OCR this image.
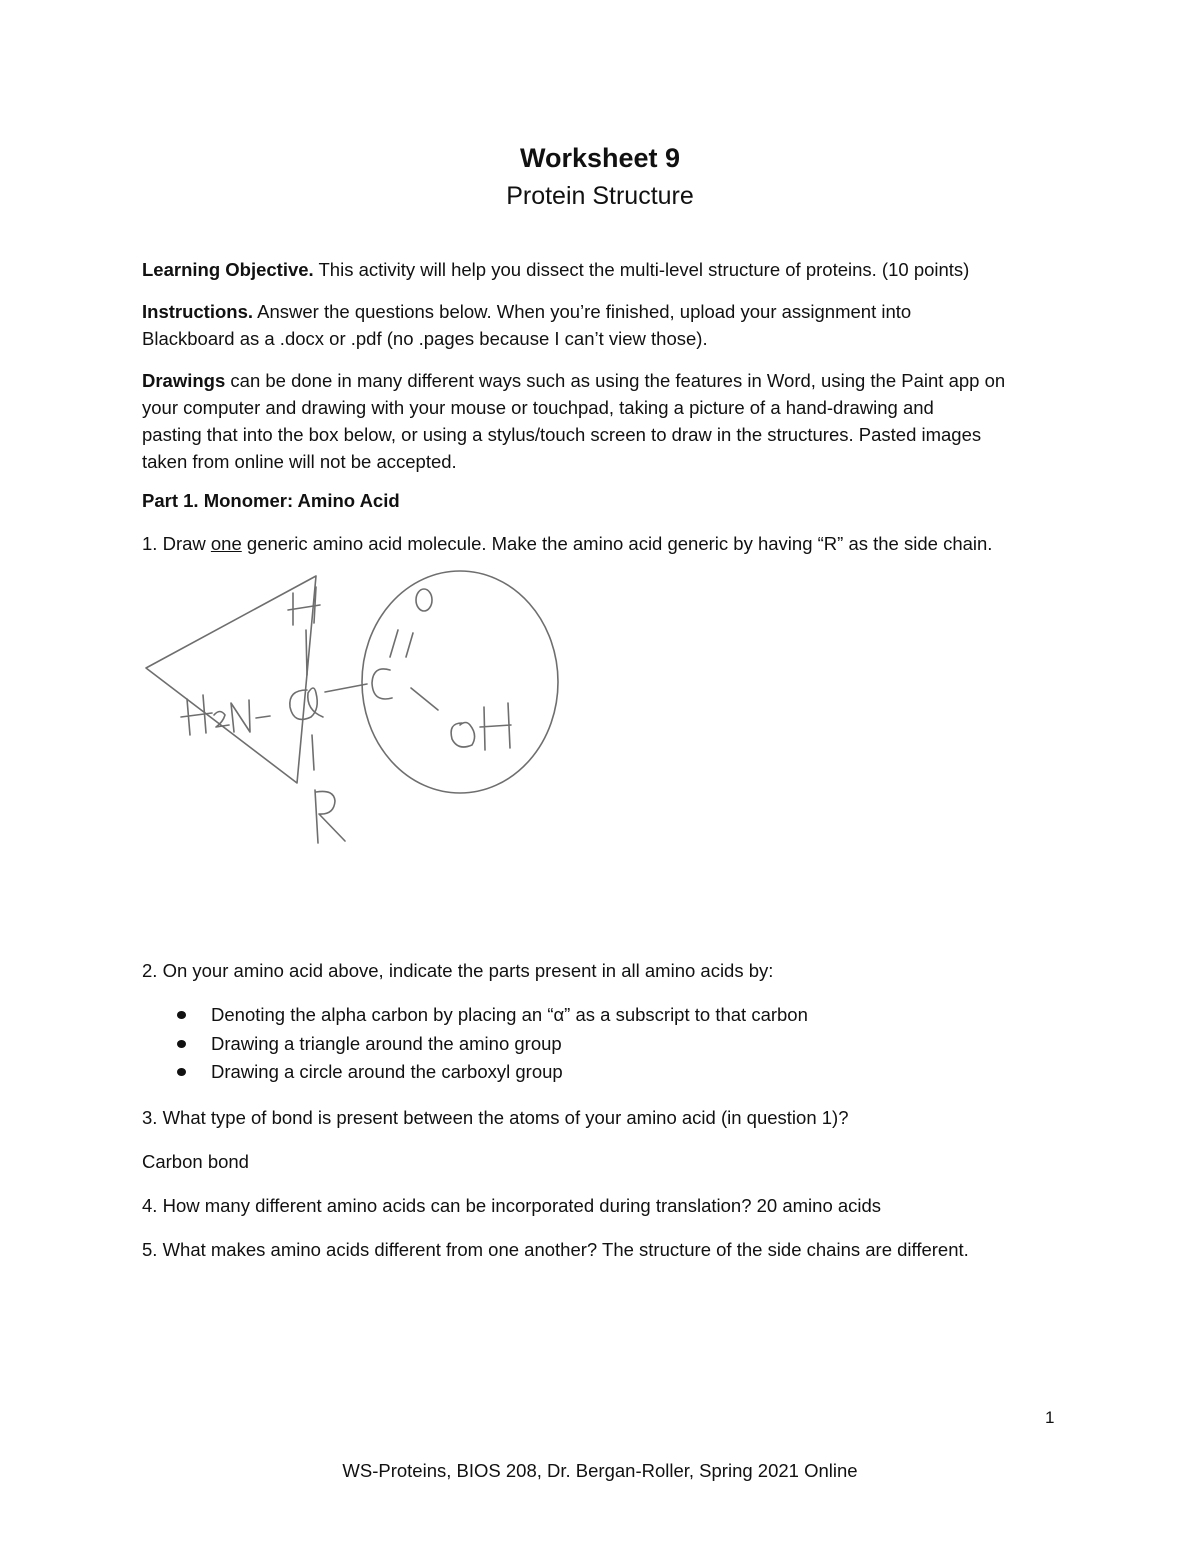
Worksheet 9
Protein Structure
Learning Objective. This activity will help you dissect the multi-level structure of proteins. (10 points)
Instructions. Answer the questions below. When you’re finished, upload your assignment into
Blackboard as a .docx or .pdf (no .pages because I can’t view those).
Drawings can be done in many different ways such as using the features in Word, using the Paint app on
your computer and drawing with your mouse or touchpad, taking a picture of a hand-drawing and
pasting that into the box below, or using a stylus/touch screen to draw in the structures. Pasted images
taken from online will not be accepted.
Part 1. Monomer: Amino Acid
1. Draw one generic amino acid molecule. Make the amino acid generic by having “R” as the side chain.
2. On your amino acid above, indicate the parts present in all amino acids by:
Denoting the alpha carbon by placing an “α” as a subscript to that carbon
Drawing a triangle around the amino group
Drawing a circle around the carboxyl group
3. What type of bond is present between the atoms of your amino acid (in question 1)?
Carbon bond
4. How many different amino acids can be incorporated during translation? 20 amino acids
5. What makes amino acids different from one another? The structure of the side chains are different.
1
WS-Proteins, BIOS 208, Dr. Bergan-Roller, Spring 2021 Online
